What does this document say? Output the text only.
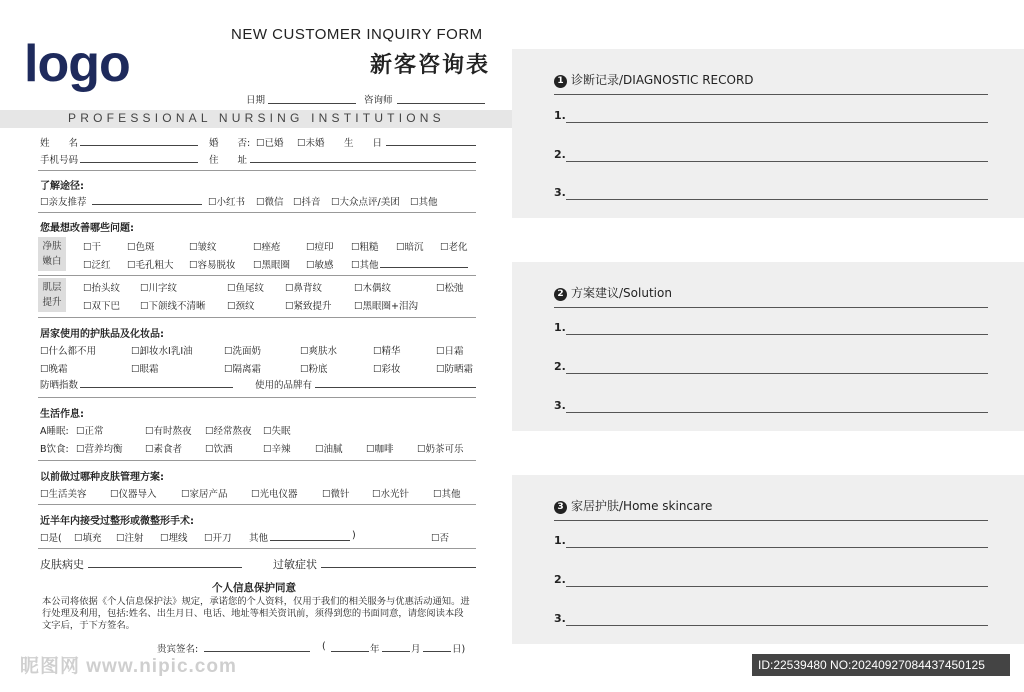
logo
NEW CUSTOMER INQUIRY FORM
新客咨询表
日期	咨询师
PROFESSIONAL NURSING INSTITUTIONS
姓　　名	婚　　否: ☐已婚 ☐未婚 生　　日
手机号码	住　　址
了解途径:
☐亲友推荐	☐小红书 ☐微信 ☐抖音 ☐大众点评/美团 ☐其他
您最想改善哪些问题:
净肤
嫩白
☐干	☐色斑	☐皱纹	☐痤疮	☐痘印 ☐粗糙 ☐暗沉 ☐老化
☐泛红 ☐毛孔粗大 ☐容易脱妆 ☐黑眼圈 ☐敏感 ☐其他
肌层
提升
☐抬头纹 ☐川字纹	☐鱼尾纹 ☐鼻背纹	☐木偶纹	☐松弛
☐双下巴 ☐下颌线不清晰 ☐颈纹	☐紧致提升 ☐黑眼圈+泪沟
居家使用的护肤品及化妆品:
☐什么都不用	☐卸妆水I乳I油	☐洗面奶	☐爽肤水	☐精华	☐日霜
☐晚霜	☐眼霜	☐隔离霜	☐粉底	☐彩妆	☐防晒霜
防晒指数	使用的品牌有
生活作息:
A睡眠: ☐正常	☐有时熬夜 ☐经常熬夜 ☐失眠
B饮食: ☐营养均衡 ☐素食者 ☐饮酒	☐辛辣	☐油腻 ☐咖啡 ☐奶茶可乐
以前做过哪种皮肤管理方案:
☐生活美容 ☐仪器导入	☐家居产品 ☐光电仪器	☐微针 ☐水光针	☐其他
近半年内接受过整形或微整形手术:
☐是( ☐填充 ☐注射 ☐埋线 ☐开刀 其他	)	☐否
皮肤病史	过敏症状
个人信息保护同意
本公司将依据《个人信息保护法》规定，承诺您的个人资料，仅用于我们的相关服务与优惠活动通知。进行处理及利用，包括:姓名、出生月日、电话、地址等相关资讯前，须得到您的书面同意，请您阅读本段文字后，于下方签名。
贵宾签名:	(	年	月	日)
1 诊断记录/DIAGNOSTIC RECORD
1.
2.
3.
2 方案建议/Solution
1.
2.
3.
3 家居护肤/Home skincare
1.
2.
3.
昵图网 www.nipic.com	ID:22539480 NO:20240927084437450125
